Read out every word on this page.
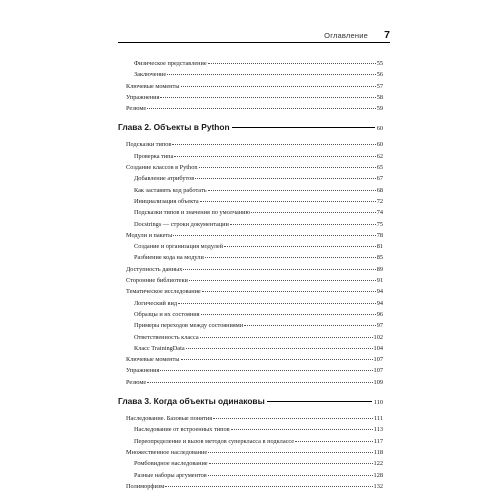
Оглавление 7
Физическое представление	55
Заключение	56
Ключевые моменты	57
Упражнения	58
Резюме	59
Глава 2. Объекты в Python	60
Подсказки типов	60
Проверка типа	62
Создание классов в Python	65
Добавление атрибутов	67
Как заставить код работать	68
Инициализация объекта	72
Подсказки типов и значения по умолчанию	74
Docstrings — строки документации	75
Модули и пакеты	78
Создание и организация модулей	81
Разбиение кода на модули	85
Доступность данных	89
Сторонние библиотеки	91
Тематическое исследование	94
Логический вид	94
Образцы и их состояния	96
Примеры переходов между состояниями	97
Ответственность класса	102
Класс TrainingData	104
Ключевые моменты	107
Упражнения	107
Резюме	109
Глава 3. Когда объекты одинаковы	110
Наследование. Базовые понятия	111
Наследование от встроенных типов	113
Переопределение и вызов методов суперкласса в подклассе	117
Множественное наследование	118
Ромбовидное наследование	122
Разные наборы аргументов	128
Полиморфизм	132
